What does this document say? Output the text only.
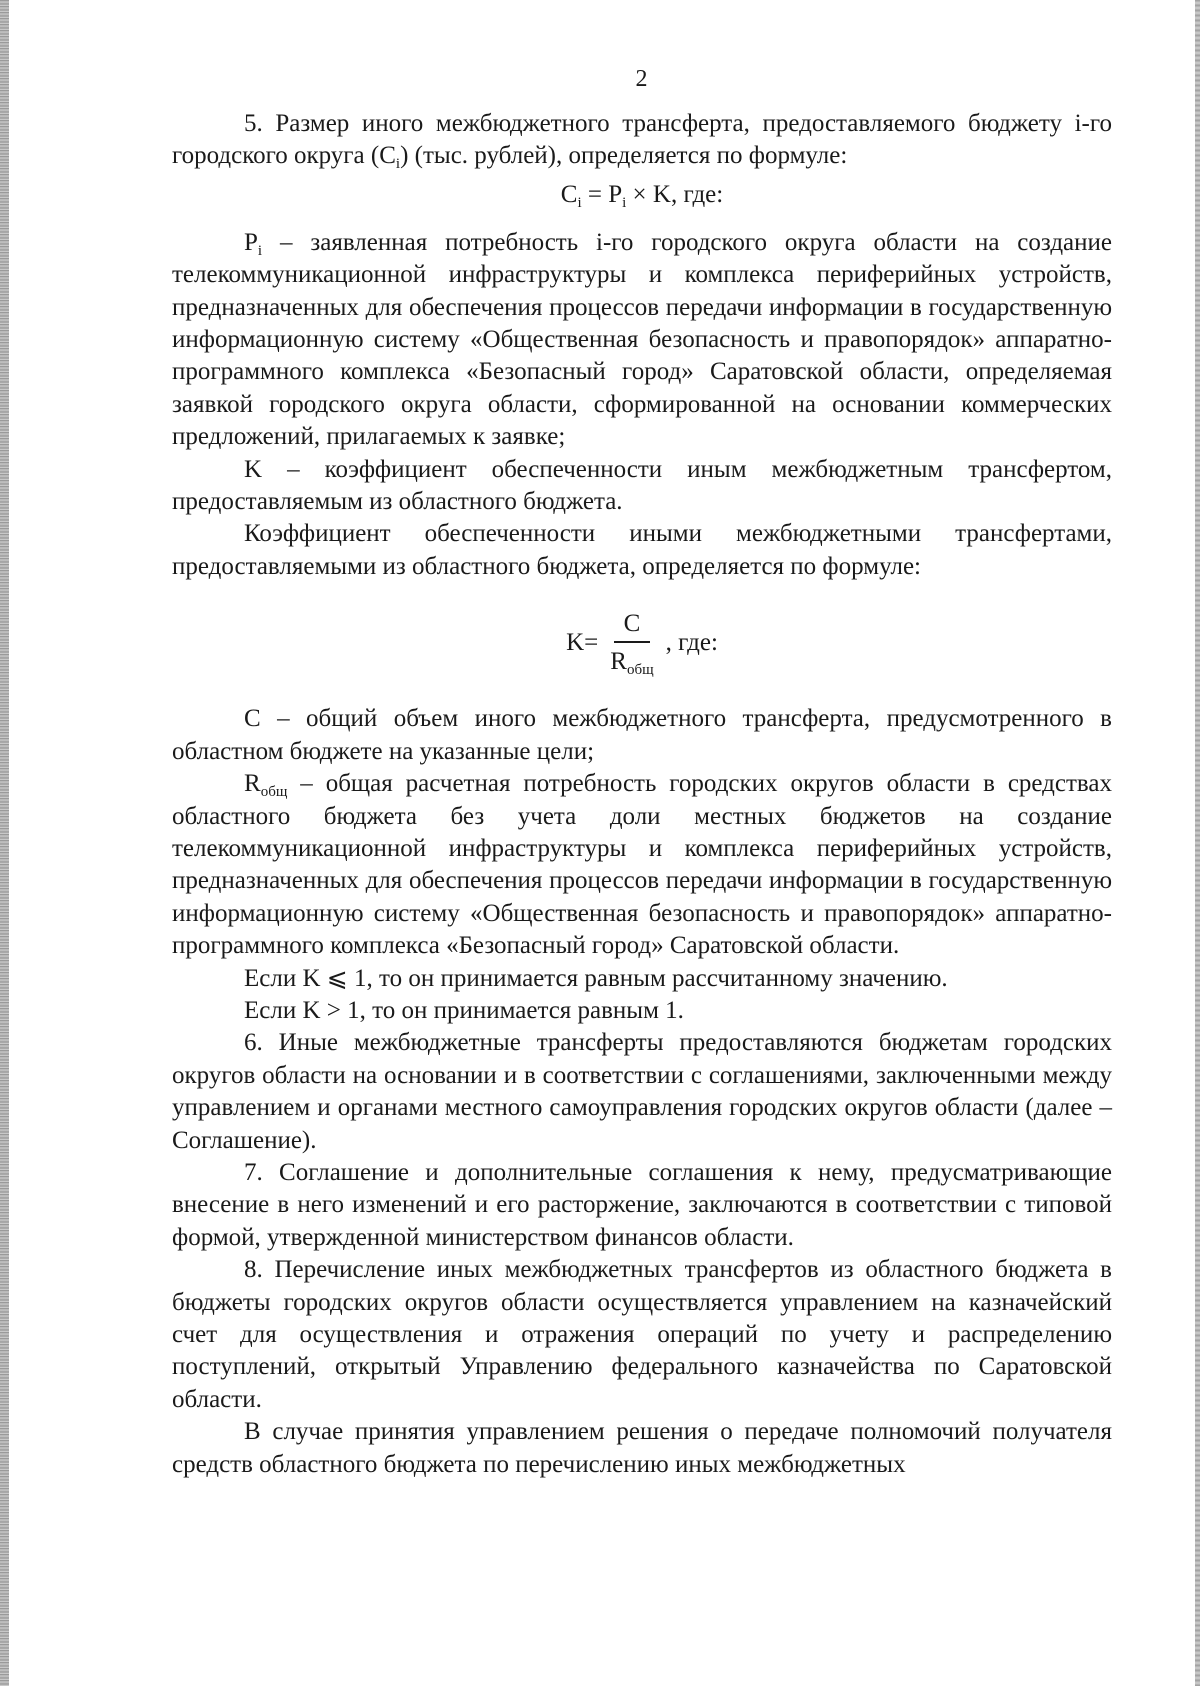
2

5. Размер иного межбюджетного трансферта, предоставляемого бюджету i-го городского округа $(C_i)$ (тыс. рублей), определяется по формуле:

$C_i = P_i \times K$, где:

$P_i$ – заявленная потребность i-го городского округа области на создание телекоммуникационной инфраструктуры и комплекса периферийных устройств, предназначенных для обеспечения процессов передачи информации в государственную информационную систему «Общественная безопасность и правопорядок» аппаратно-программного комплекса «Безопасный город» Саратовской области, определяемая заявкой городского округа области, сформированной на основании коммерческих предложений, прилагаемых к заявке;

K – коэффициент обеспеченности иным межбюджетным трансфертом, предоставляемым из областного бюджета.

Коэффициент обеспеченности иными межбюджетными трансфертами, предоставляемыми из областного бюджета, определяется по формуле:

$K= \frac{C}{R_{общ}}$ , где:

C – общий объем иного межбюджетного трансферта, предусмотренного в областном бюджете на указанные цели;

$R_{общ}$ – общая расчетная потребность городских округов области в средствах областного бюджета без учета доли местных бюджетов на создание телекоммуникационной инфраструктуры и комплекса периферийных устройств, предназначенных для обеспечения процессов передачи информации в государственную информационную систему «Общественная безопасность и правопорядок» аппаратно-программного комплекса «Безопасный город» Саратовской области.

Если K ⩽ 1, то он принимается равным рассчитанному значению.

Если K > 1, то он принимается равным 1.

6. Иные межбюджетные трансферты предоставляются бюджетам городских округов области на основании и в соответствии с соглашениями, заключенными между управлением и органами местного самоуправления городских округов области (далее – Соглашение).

7. Соглашение и дополнительные соглашения к нему, предусматривающие внесение в него изменений и его расторжение, заключаются в соответствии с типовой формой, утвержденной министерством финансов области.

8. Перечисление иных межбюджетных трансфертов из областного бюджета в бюджеты городских округов области осуществляется управлением на казначейский счет для осуществления и отражения операций по учету и распределению поступлений, открытый Управлению федерального казначейства по Саратовской области.

В случае принятия управлением решения о передаче полномочий получателя средств областного бюджета по перечислению иных межбюджетных
